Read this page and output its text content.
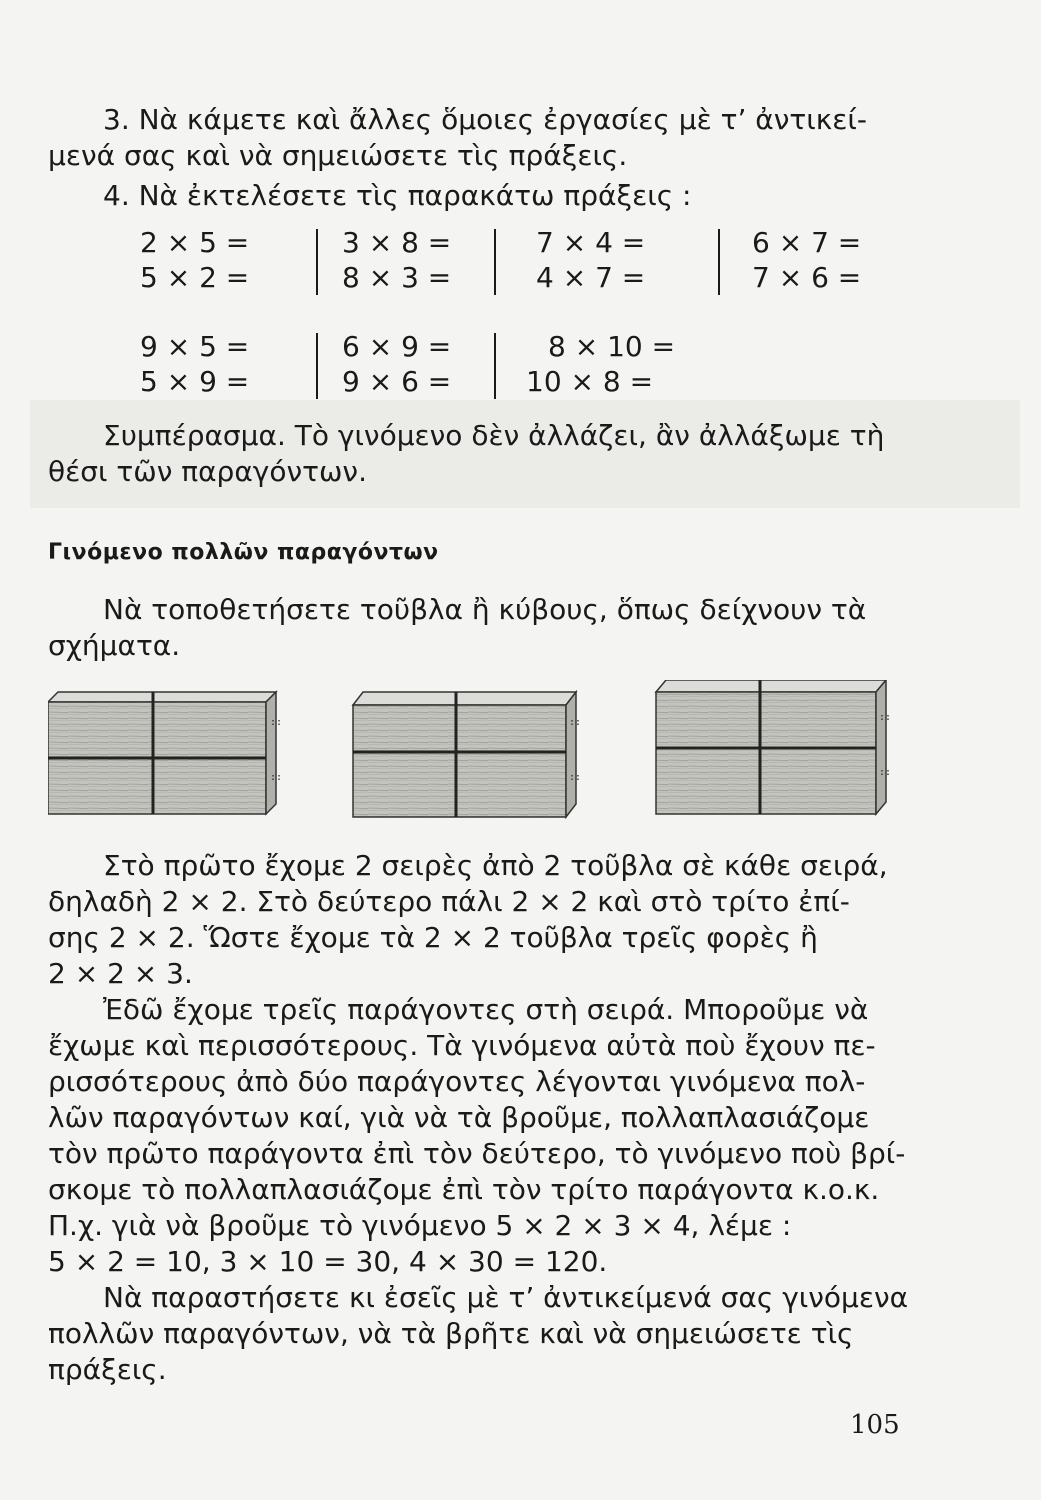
3. Νὰ κάμετε καὶ ἄλλες ὅμοιες ἐργασίες μὲ τ’ ἀντικεί-
μενά σας καὶ νὰ σημειώσετε τὶς πράξεις.

4. Νὰ ἐκτελέσετε τὶς παρακάτω πράξεις :

2 × 5 =
5 × 2 =
3 × 8 =
8 × 3 =
7 × 4 =
4 × 7 =
6 × 7 =
7 × 6 =
9 × 5 =
5 × 9 =
6 × 9 =
9 × 6 =
8 × 10 =
10 × 8 =

Συμπέρασμα. Τὸ γινόμενο δὲν ἀλλάζει, ἂν ἀλλάξωμε τὴ
θέσι τῶν παραγόντων.

Γινόμενο πολλῶν παραγόντων

Νὰ τοποθετήσετε τοῦβλα ἢ κύβους, ὅπως δείχνουν τὰ
σχήματα.

::
::
::
::
::
::

Στὸ πρῶτο ἔχομε 2 σειρὲς ἀπὸ 2 τοῦβλα σὲ κάθε σειρά,
δηλαδὴ 2 × 2. Στὸ δεύτερο πάλι 2 × 2 καὶ στὸ τρίτο ἐπί-
σης 2 × 2. Ὥστε ἔχομε τὰ 2 × 2 τοῦβλα τρεῖς φορὲς ἢ
2 × 2 × 3.

Ἐδῶ ἔχομε τρεῖς παράγοντες στὴ σειρά. Μποροῦμε νὰ
ἔχωμε καὶ περισσότερους. Τὰ γινόμενα αὐτὰ ποὺ ἔχουν πε-
ρισσότερους ἀπὸ δύο παράγοντες λέγονται γινόμενα πολ-
λῶν παραγόντων καί, γιὰ νὰ τὰ βροῦμε, πολλαπλασιάζομε
τὸν πρῶτο παράγοντα ἐπὶ τὸν δεύτερο, τὸ γινόμενο ποὺ βρί-
σκομε τὸ πολλαπλασιάζομε ἐπὶ τὸν τρίτο παράγοντα κ.ο.κ.
Π.χ. γιὰ νὰ βροῦμε τὸ γινόμενο 5 × 2 × 3 × 4, λέμε :
5 × 2 = 10, 3 × 10 = 30, 4 × 30 = 120.

Νὰ παραστήσετε κι ἐσεῖς μὲ τ’ ἀντικείμενά σας γινόμενα
πολλῶν παραγόντων, νὰ τὰ βρῆτε καὶ νὰ σημειώσετε τὶς
πράξεις.

105
